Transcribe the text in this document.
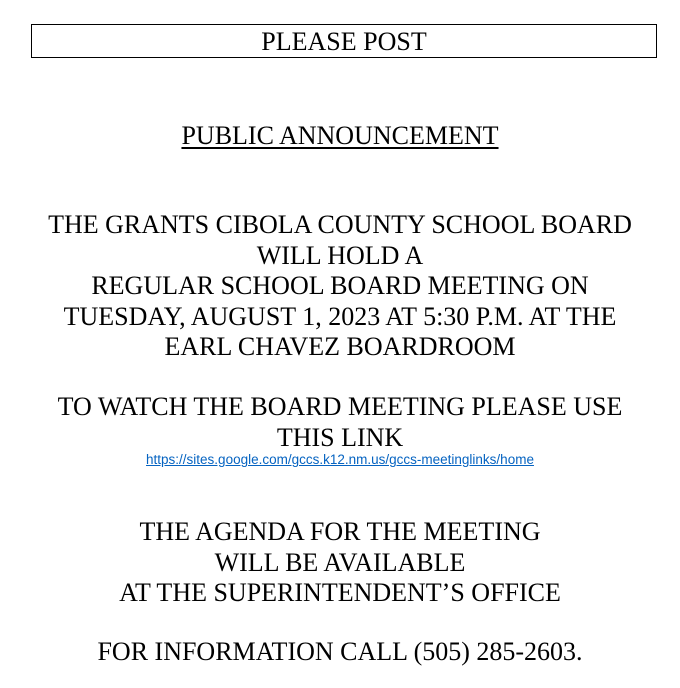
PLEASE POST
PUBLIC ANNOUNCEMENT
THE GRANTS CIBOLA COUNTY SCHOOL BOARD
WILL HOLD A
REGULAR SCHOOL BOARD MEETING ON
TUESDAY, AUGUST 1, 2023 AT 5:30 P.M. AT THE
EARL CHAVEZ BOARDROOM
TO WATCH THE BOARD MEETING PLEASE USE
THIS LINK
https://sites.google.com/gccs.k12.nm.us/gccs-meetinglinks/home
THE AGENDA FOR THE MEETING
WILL BE AVAILABLE
AT THE SUPERINTENDENT’S OFFICE
FOR INFORMATION CALL (505) 285-2603.
